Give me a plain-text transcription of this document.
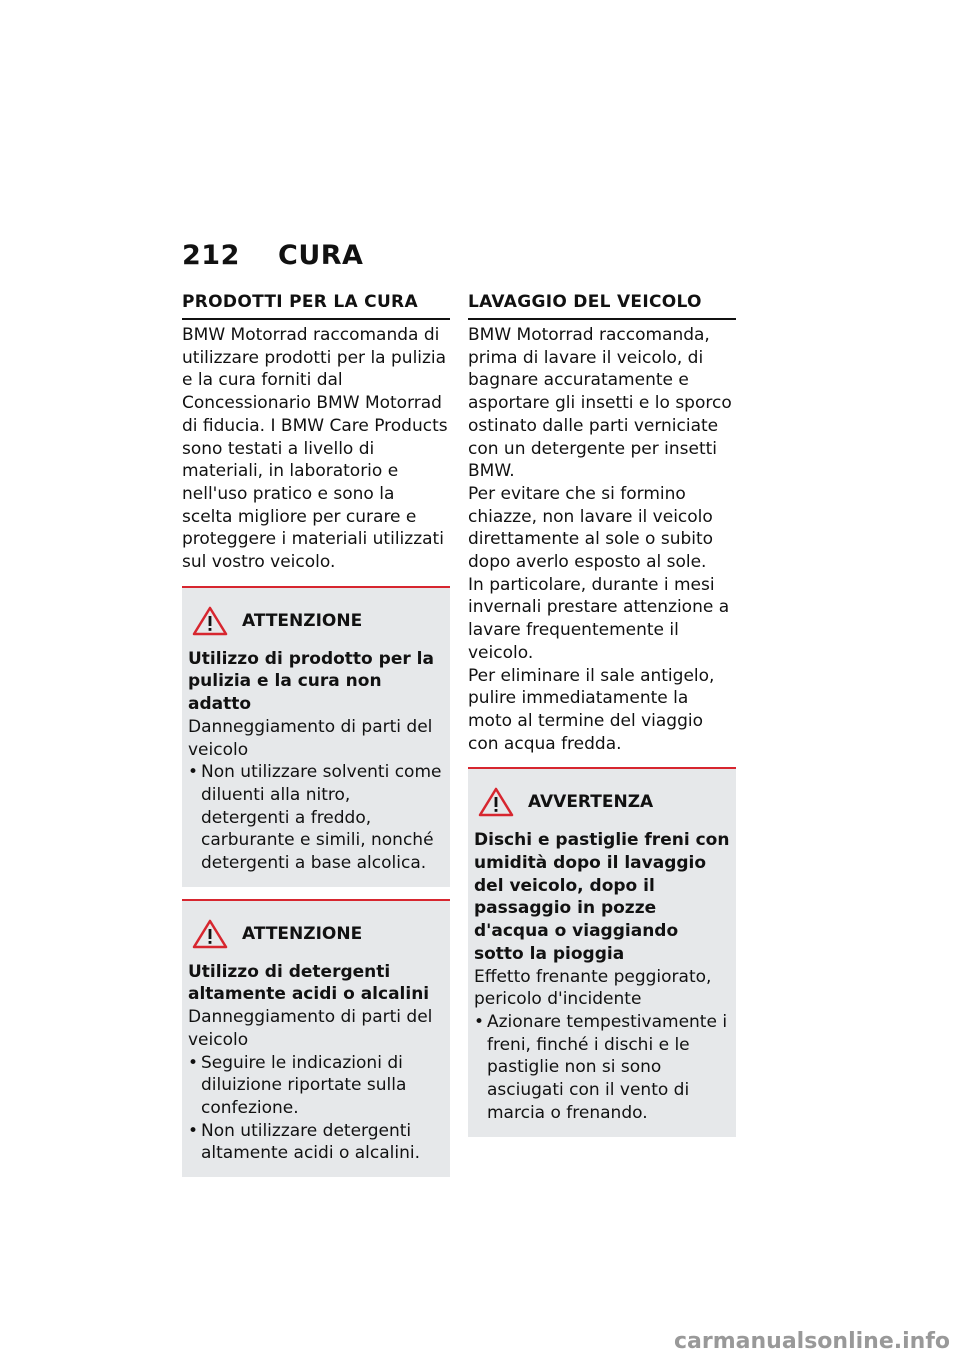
212 CURA
PRODOTTI PER LA CURA

BMW Motorrad raccomanda di utilizzare prodotti per la pulizia e la cura forniti dal Concessionario BMW Motorrad di fiducia. I BMW Care Products sono testati a livello di materiali, in laboratorio e nell'uso pratico e sono la scelta migliore per curare e proteggere i materiali utilizzati sul vostro veicolo.

ATTENZIONE

Utilizzo di prodotto per la pulizia e la cura non adatto

Danneggiamento di parti del veicolo

• Non utilizzare solventi come diluenti alla nitro, detergenti a freddo, carburante e simili, nonché detergenti a base alcolica.
ATTENZIONE

Utilizzo di detergenti altamente acidi o alcalini

Danneggiamento di parti del veicolo

• Seguire le indicazioni di diluizione riportate sulla confezione.
• Non utilizzare detergenti altamente acidi o alcalini.
LAVAGGIO DEL VEICOLO

BMW Motorrad raccomanda, prima di lavare il veicolo, di bagnare accuratamente e asportare gli insetti e lo sporco ostinato dalle parti verniciate con un detergente per insetti BMW.

Per evitare che si formino chiazze, non lavare il veicolo direttamente al sole o subito dopo averlo esposto al sole.

In particolare, durante i mesi invernali prestare attenzione a lavare frequentemente il veicolo.

Per eliminare il sale antigelo, pulire immediatamente la moto al termine del viaggio con acqua fredda.

AVVERTENZA

Dischi e pastiglie freni con umidità dopo il lavaggio del veicolo, dopo il passaggio in pozze d'acqua o viaggiando sotto la pioggia

Effetto frenante peggiorato, pericolo d'incidente

• Azionare tempestivamente i freni, finché i dischi e le pastiglie non si sono asciugati con il vento di marcia o frenando.
carmanualsonline.info
